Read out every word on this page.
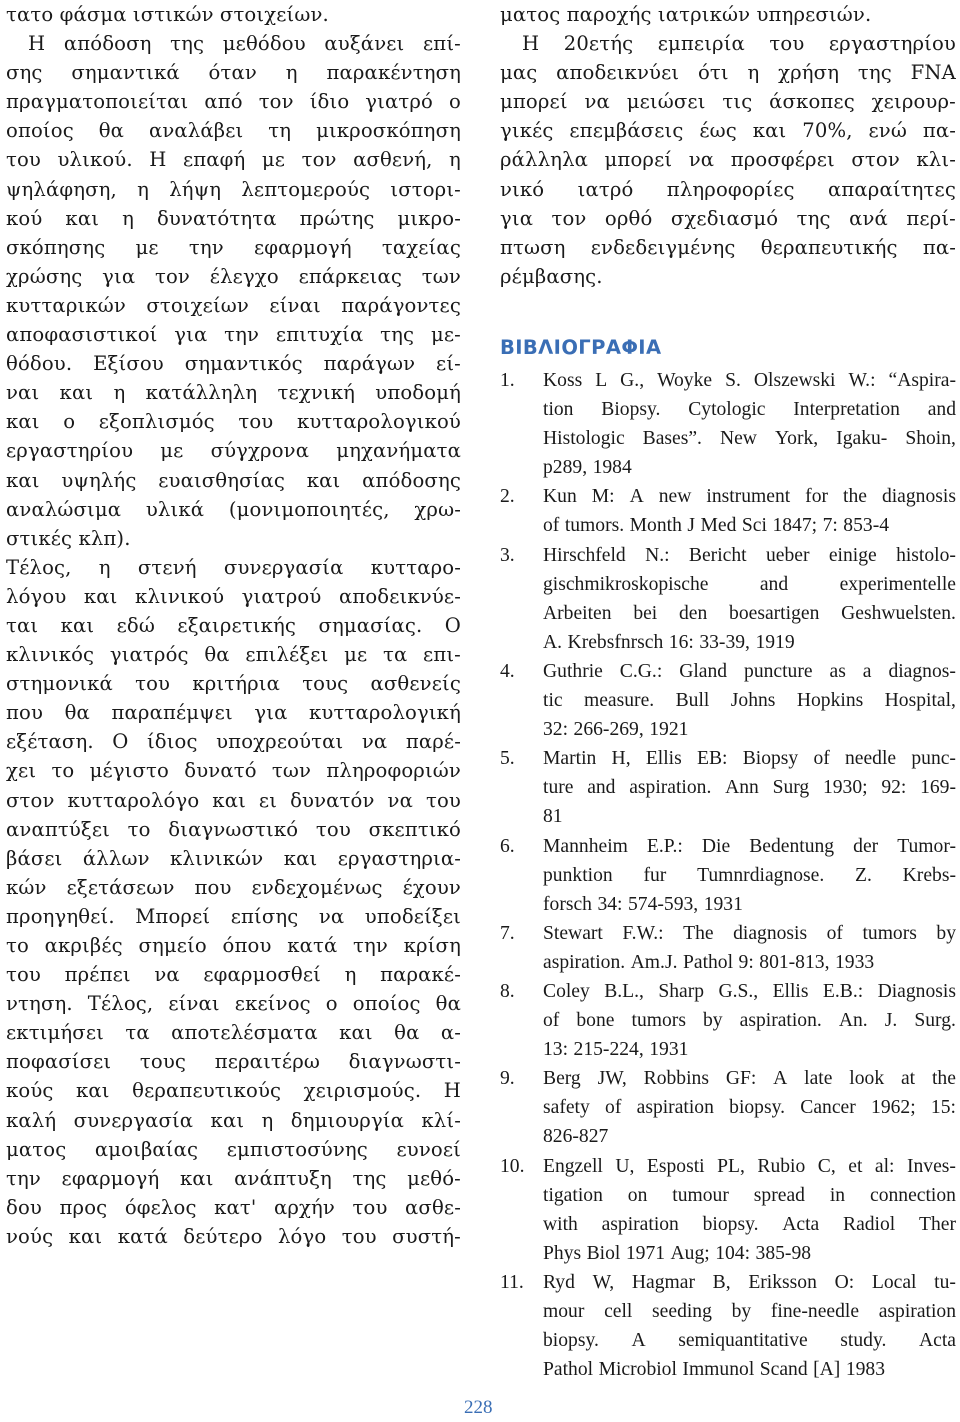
τατο φάσμα ιστικών στοιχείων.
Η απόδοση της μεθόδου αυξάνει επί-
σης σημαντικά όταν η παρακέντηση
πραγματοποιείται από τον ίδιο γιατρό ο
οποίος θα αναλάβει τη μικροσκόπηση
του υλικού. Η επαφή με τον ασθενή, η
ψηλάφηση, η λήψη λεπτομερούς ιστορι-
κού και η δυνατότητα πρώτης μικρο-
σκόπησης με την εφαρμογή ταχείας
χρώσης για τον έλεγχο επάρκειας των
κυτταρικών στοιχείων είναι παράγοντες
αποφασιστικοί για την επιτυχία της με-
θόδου. Εξίσου σημαντικός παράγων εί-
ναι και η κατάλληλη τεχνική υποδομή
και ο εξοπλισμός του κυτταρολογικού
εργαστηρίου με σύγχρονα μηχανήματα
και υψηλής ευαισθησίας και απόδοσης
αναλώσιμα υλικά (μονιμοποιητές, χρω-
στικές κλπ).
Τέλος, η στενή συνεργασία κυτταρο-
λόγου και κλινικού γιατρού αποδεικνύε-
ται και εδώ εξαιρετικής σημασίας. Ο
κλινικός γιατρός θα επιλέξει με τα επι-
στημονικά του κριτήρια τους ασθενείς
που θα παραπέμψει για κυτταρολογική
εξέταση. Ο ίδιος υποχρεούται να παρέ-
χει το μέγιστο δυνατό των πληροφοριών
στον κυτταρολόγο και ει δυνατόν να του
αναπτύξει το διαγνωστικό του σκεπτικό
βάσει άλλων κλινικών και εργαστηρια-
κών εξετάσεων που ενδεχομένως έχουν
προηγηθεί. Μπορεί επίσης να υποδείξει
το ακριβές σημείο όπου κατά την κρίση
του πρέπει να εφαρμοσθεί η παρακέ-
ντηση. Τέλος, είναι εκείνος ο οποίος θα
εκτιμήσει τα αποτελέσματα και θα α-
ποφασίσει τους περαιτέρω διαγνωστι-
κούς και θεραπευτικούς χειρισμούς. Η
καλή συνεργασία και η δημιουργία κλί-
ματος αμοιβαίας εμπιστοσύνης ευνοεί
την εφαρμογή και ανάπτυξη της μεθό-
δου προς όφελος κατ' αρχήν του ασθε-
νούς και κατά δεύτερο λόγο του συστή-
ματος παροχής ιατρικών υπηρεσιών.
Η 20ετής εμπειρία του εργαστηρίου
μας αποδεικνύει ότι η χρήση της FNA
μπορεί να μειώσει τις άσκοπες χειρουρ-
γικές επεμβάσεις έως και 70%, ενώ πα-
ράλληλα μπορεί να προσφέρει στον κλι-
νικό ιατρό πληροφορίες απαραίτητες
για τον ορθό σχεδιασμό της ανά περί-
πτωση ενδεδειγμένης θεραπευτικής πα-
ρέμβασης.
ΒΙΒΛΙΟΓΡΑΦΙΑ
1. Koss L G., Woyke S. Olszewski W.: “Aspira-
tion Biopsy. Cytologic Interpretation and
Histologic Bases”. New York, Igaku- Shoin,
p289, 1984
2. Kun M: A new instrument for the diagnosis
of tumors. Month J Med Sci 1847; 7: 853-4
3. Hirschfeld N.: Bericht ueber einige histolo-
gischmikroskopische	and	experimentelle
Arbeiten bei den boesartigen Geshwuelsten.
A. Krebsfnrsch 16: 33-39, 1919
4. Guthrie C.G.: Gland puncture as a diagnos-
tic measure. Bull Johns Hopkins Hospital,
32: 266-269, 1921
5. Martin H, Ellis EB: Biopsy of needle punc-
ture and aspiration. Ann Surg 1930; 92: 169-
81
6. Mannheim E.P.: Die Bedentung der Tumor-
punktion fur Tumnrdiagnose. Z. Krebs-
forsch 34: 574-593, 1931
7. Stewart F.W.: The diagnosis of tumors by
aspiration. Am.J. Pathol 9: 801-813, 1933
8. Coley B.L., Sharp G.S., Ellis E.B.: Diagnosis
of bone tumors by aspiration. An. J. Surg.
13: 215-224, 1931
9. Berg JW, Robbins GF: A late look at the
safety of aspiration biopsy. Cancer 1962; 15:
826-827
10. Engzell U, Esposti PL, Rubio C, et al: Inves-
tigation on tumour spread in connection
with aspiration biopsy. Acta Radiol Ther
Phys Biol 1971 Aug; 104: 385-98
11. Ryd W, Hagmar B, Eriksson O: Local tu-
mour cell seeding by fine-needle aspiration
biopsy. A semiquantitative study. Acta
Pathol Microbiol Immunol Scand [A] 1983
228
